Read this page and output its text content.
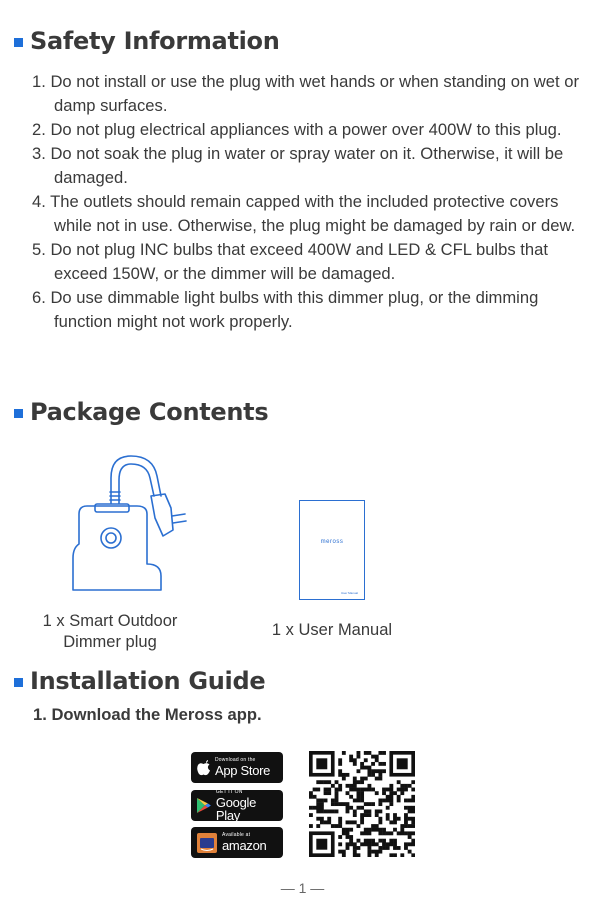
Safety Information
1. Do not install or use the plug with wet hands or when standing on wet or damp surfaces.
2. Do not plug electrical appliances with a power over 400W to this plug.
3. Do not soak the plug in water or spray water on it. Otherwise, it will be damaged.
4. The outlets should remain capped with the included protective covers while not in use. Otherwise, the plug might be damaged by rain or dew.
5. Do not plug INC bulbs that exceed 400W and LED & CFL bulbs that exceed 150W, or the dimmer will be damaged.
6. Do use dimmable light bulbs with this dimmer plug, or the dimming function might not work properly.
Package Contents
1 x Smart Outdoor
Dimmer plug
meross
User Manual
1 x User Manual
Installation Guide
1. Download the Meross app.
Download on the
App Store
GET IT ON
Google Play
Available at
amazon
— 1 —
